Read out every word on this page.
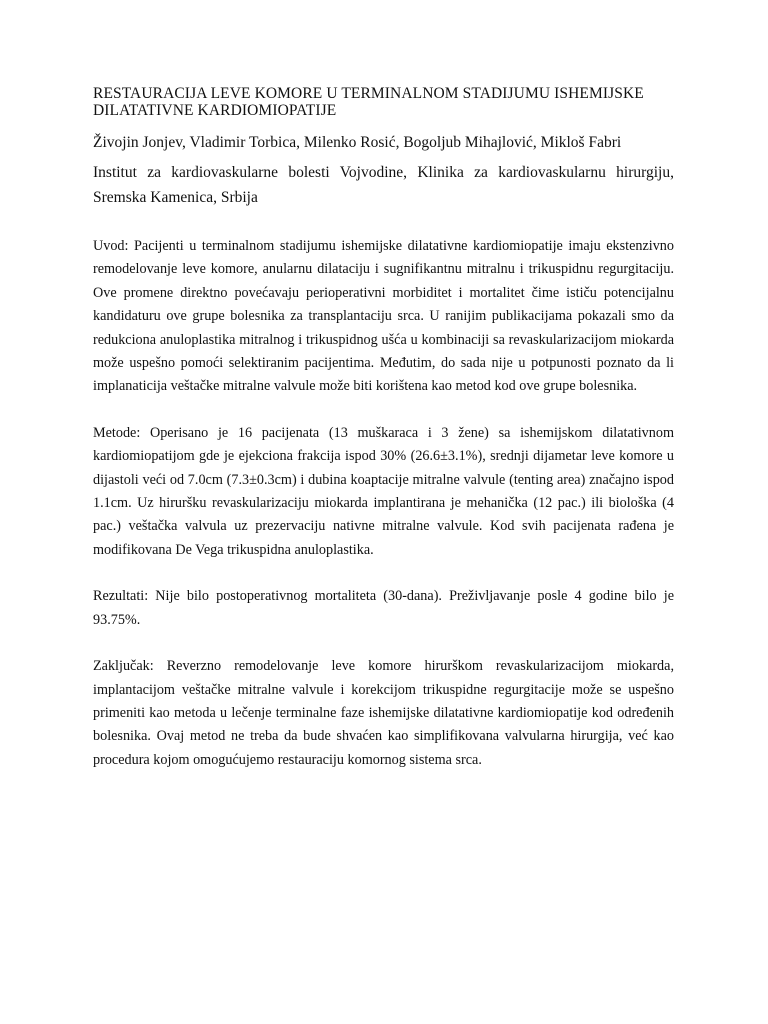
RESTAURACIJA LEVE KOMORE U TERMINALNOM STADIJUMU ISHEMIJSKE DILATATIVNE KARDIOMIOPATIJE

Živojin Jonjev, Vladimir Torbica, Milenko Rosić, Bogoljub Mihajlović, Mikloš Fabri

Institut za kardiovaskularne bolesti Vojvodine, Klinika za kardiovaskularnu hirurgiju, Sremska Kamenica, Srbija

Uvod: Pacijenti u terminalnom stadijumu ishemijske dilatativne kardiomiopatije imaju ekstenzivno remodelovanje leve komore, anularnu dilataciju i sugnifikantnu mitralnu i trikuspidnu regurgitaciju. Ove promene direktno povećavaju perioperativni morbiditet i mortalitet čime ističu potencijalnu kandidaturu ove grupe bolesnika za transplantaciju srca. U ranijim publikacijama pokazali smo da redukciona anuloplastika mitralnog i trikuspidnog ušća u kombinaciji sa revaskularizacijom miokarda može uspešno pomoći selektiranim pacijentima. Međutim, do sada nije u potpunosti poznato da li implanaticija veštačke mitralne valvule može biti korištena kao metod kod ove grupe bolesnika.

Metode: Operisano je 16 pacijenata (13 muškaraca i 3 žene) sa ishemijskom dilatativnom kardiomiopatijom gde je ejekciona frakcija ispod 30% (26.6±3.1%), srednji dijametar leve komore u dijastoli veći od 7.0cm (7.3±0.3cm) i dubina koaptacije mitralne valvule (tenting area) značajno ispod 1.1cm. Uz hiruršku revaskularizaciju miokarda implantirana je mehanička (12 pac.) ili biološka (4 pac.) veštačka valvula uz prezervaciju nativne mitralne valvule. Kod svih pacijenata rađena je modifikovana De Vega trikuspidna anuloplastika.

Rezultati: Nije bilo postoperativnog mortaliteta (30-dana). Preživljavanje posle 4 godine bilo je 93.75%.

Zaključak: Reverzno remodelovanje leve komore hirurškom revaskularizacijom miokarda, implantacijom veštačke mitralne valvule i korekcijom trikuspidne regurgitacije može se uspešno primeniti kao metoda u lečenje terminalne faze ishemijske dilatativne kardiomiopatije kod određenih bolesnika. Ovaj metod ne treba da bude shvaćen kao simplifikovana valvularna hirurgija, već kao procedura kojom omogućujemo restauraciju komornog sistema srca.
